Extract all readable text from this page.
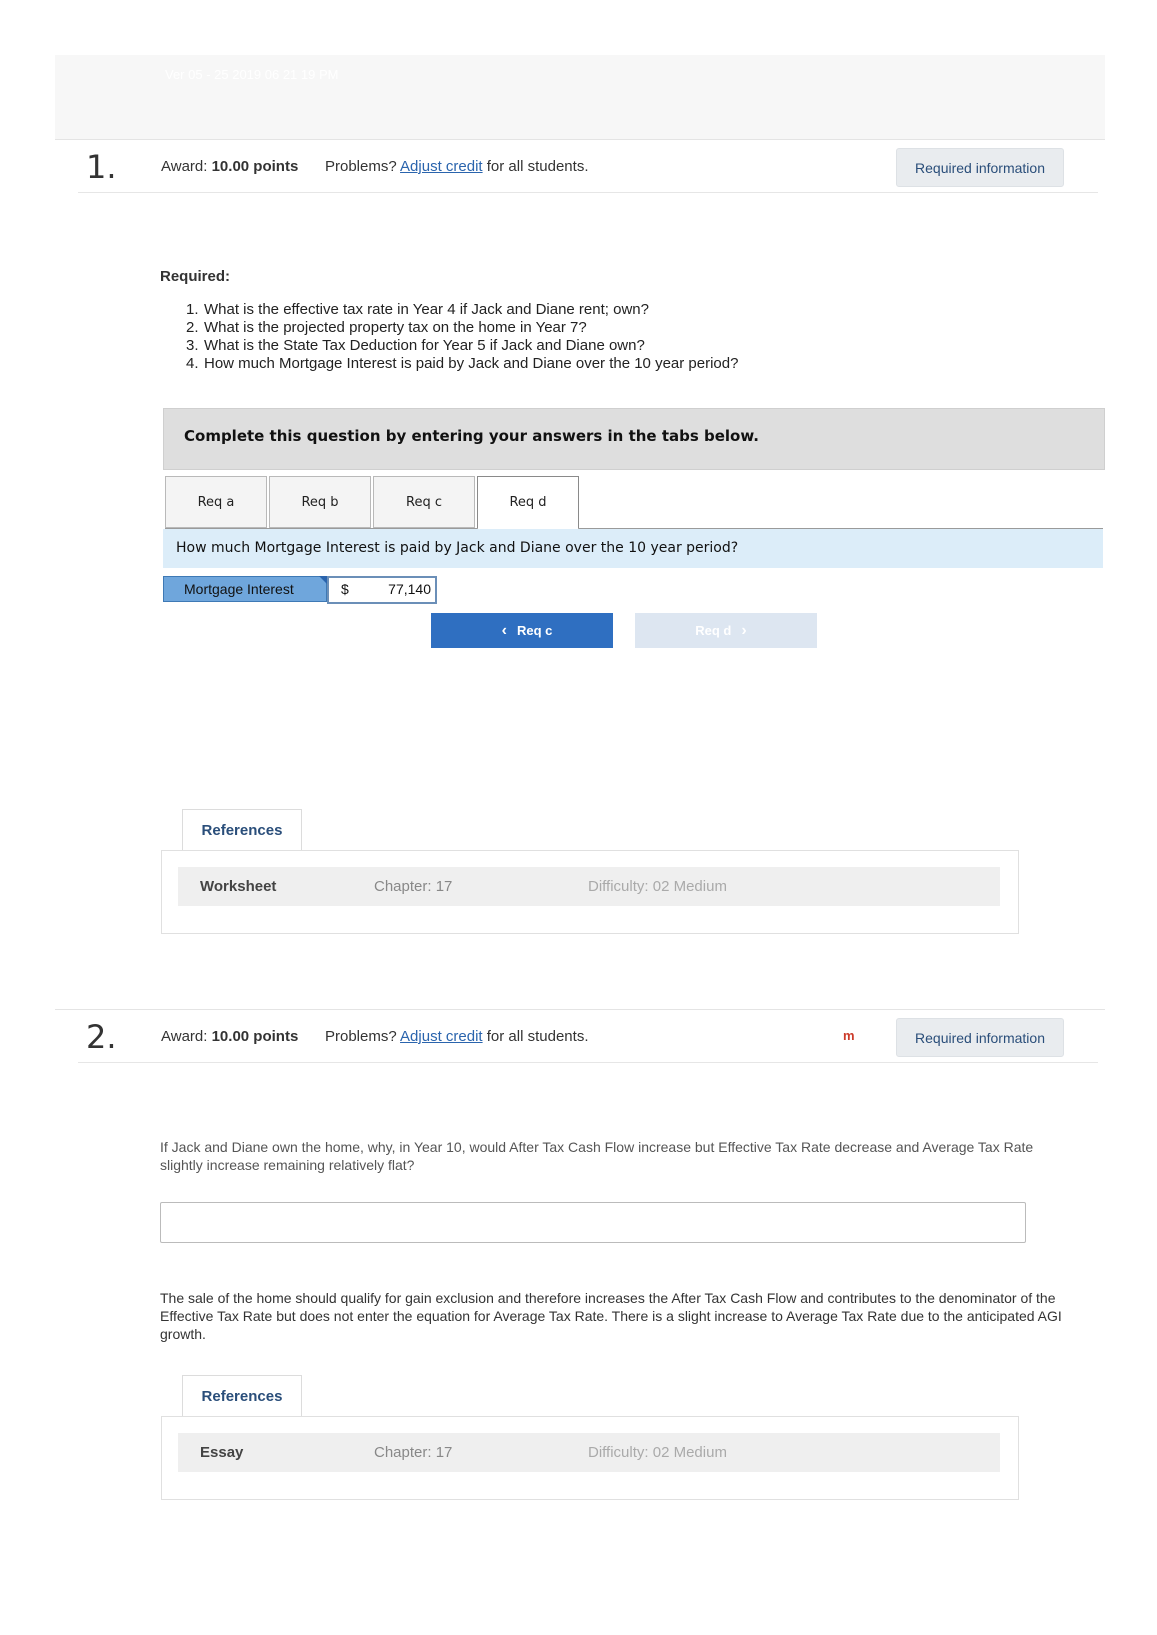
Ver 05 - 25 2019 06 21 19 PM
1.	Award: 10.00 points Problems? Adjust credit for all students.	Required information
Required:
1. What is the effective tax rate in Year 4 if Jack and Diane rent; own?
2. What is the projected property tax on the home in Year 7?
3. What is the State Tax Deduction for Year 5 if Jack and Diane own?
4. How much Mortgage Interest is paid by Jack and Diane over the 10 year period?
Complete this question by entering your answers in the tabs below.
Req a	Req b	Req c	Req d
How much Mortgage Interest is paid by Jack and Diane over the 10 year period?
Mortgage Interest	$	77,140
‹ Req c	Req d ›
References
Worksheet	Chapter: 17	Difficulty: 02 Medium
2.	Award: 10.00 points Problems? Adjust credit for all students.	m	Required information
If Jack and Diane own the home, why, in Year 10, would After Tax Cash Flow increase but Effective Tax Rate decrease and Average Tax Rate slightly increase remaining relatively flat?
The sale of the home should qualify for gain exclusion and therefore increases the After Tax Cash Flow and contributes to the denominator of the Effective Tax Rate but does not enter the equation for Average Tax Rate. There is a slight increase to Average Tax Rate due to the anticipated AGI growth.
References
Essay	Chapter: 17	Difficulty: 02 Medium
